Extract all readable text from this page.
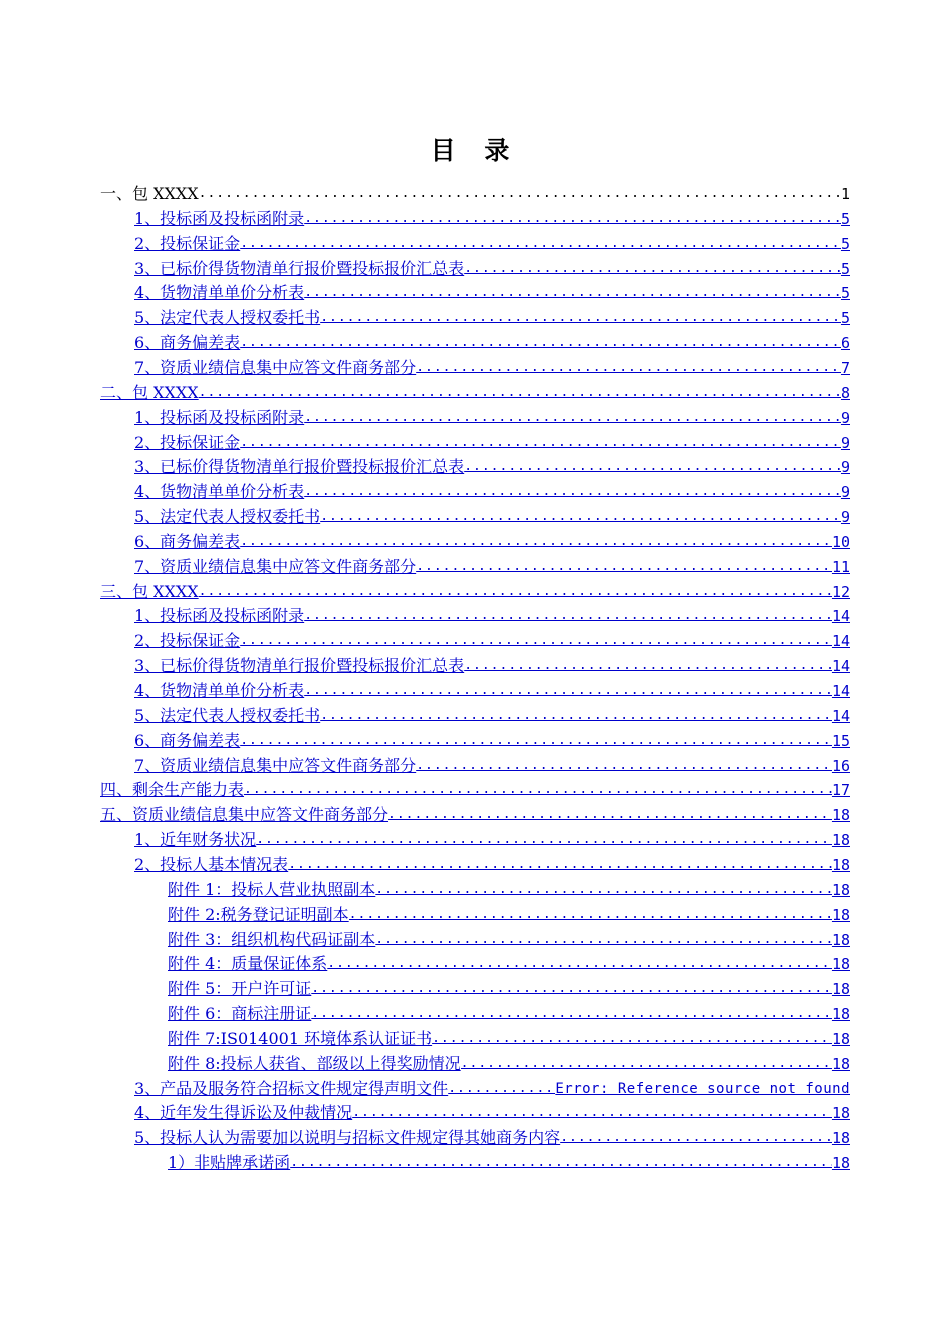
目 录
一、包 XXXX .....	1
1、投标函及投标函附录 .....	5
2、投标保证金 .....	5
3、已标价得货物清单行报价暨投标报价汇总表 .....	5
4、货物清单单价分析表 .....	5
5、法定代表人授权委托书 .....	5
6、商务偏差表 .....	6
7、资质业绩信息集中应答文件商务部分 .....	7
二、包 XXXX .....	8
1、投标函及投标函附录 .....	9
2、投标保证金 .....	9
3、已标价得货物清单行报价暨投标报价汇总表 .....	9
4、货物清单单价分析表 .....	9
5、法定代表人授权委托书 .....	9
6、商务偏差表 .....	10
7、资质业绩信息集中应答文件商务部分 .....	11
三、包 XXXX .....	12
1、投标函及投标函附录 .....	14
2、投标保证金 .....	14
3、已标价得货物清单行报价暨投标报价汇总表 .....	14
4、货物清单单价分析表 .....	14
5、法定代表人授权委托书 .....	14
6、商务偏差表 .....	15
7、资质业绩信息集中应答文件商务部分 .....	16
四、剩余生产能力表 .....	17
五、资质业绩信息集中应答文件商务部分 .....	18
1、近年财务状况 .....	18
2、投标人基本情况表 .....	18
附件 1：投标人营业执照副本 .....	18
附件 2:税务登记证明副本 .....	18
附件 3：组织机构代码证副本 .....	18
附件 4：质量保证体系 .....	18
附件 5：开户许可证 .....	18
附件 6：商标注册证 .....	18
附件 7:IS014001 环境体系认证证书 .....	18
附件 8:投标人获省、部级以上得奖励情况 .....	18
3、产品及服务符合招标文件规定得声明文件 .....	Error: Reference source not found
4、近年发生得诉讼及仲裁情况 .....	18
5、投标人认为需要加以说明与招标文件规定得其她商务内容 .....	18
1）非贴牌承诺函 .....	18
